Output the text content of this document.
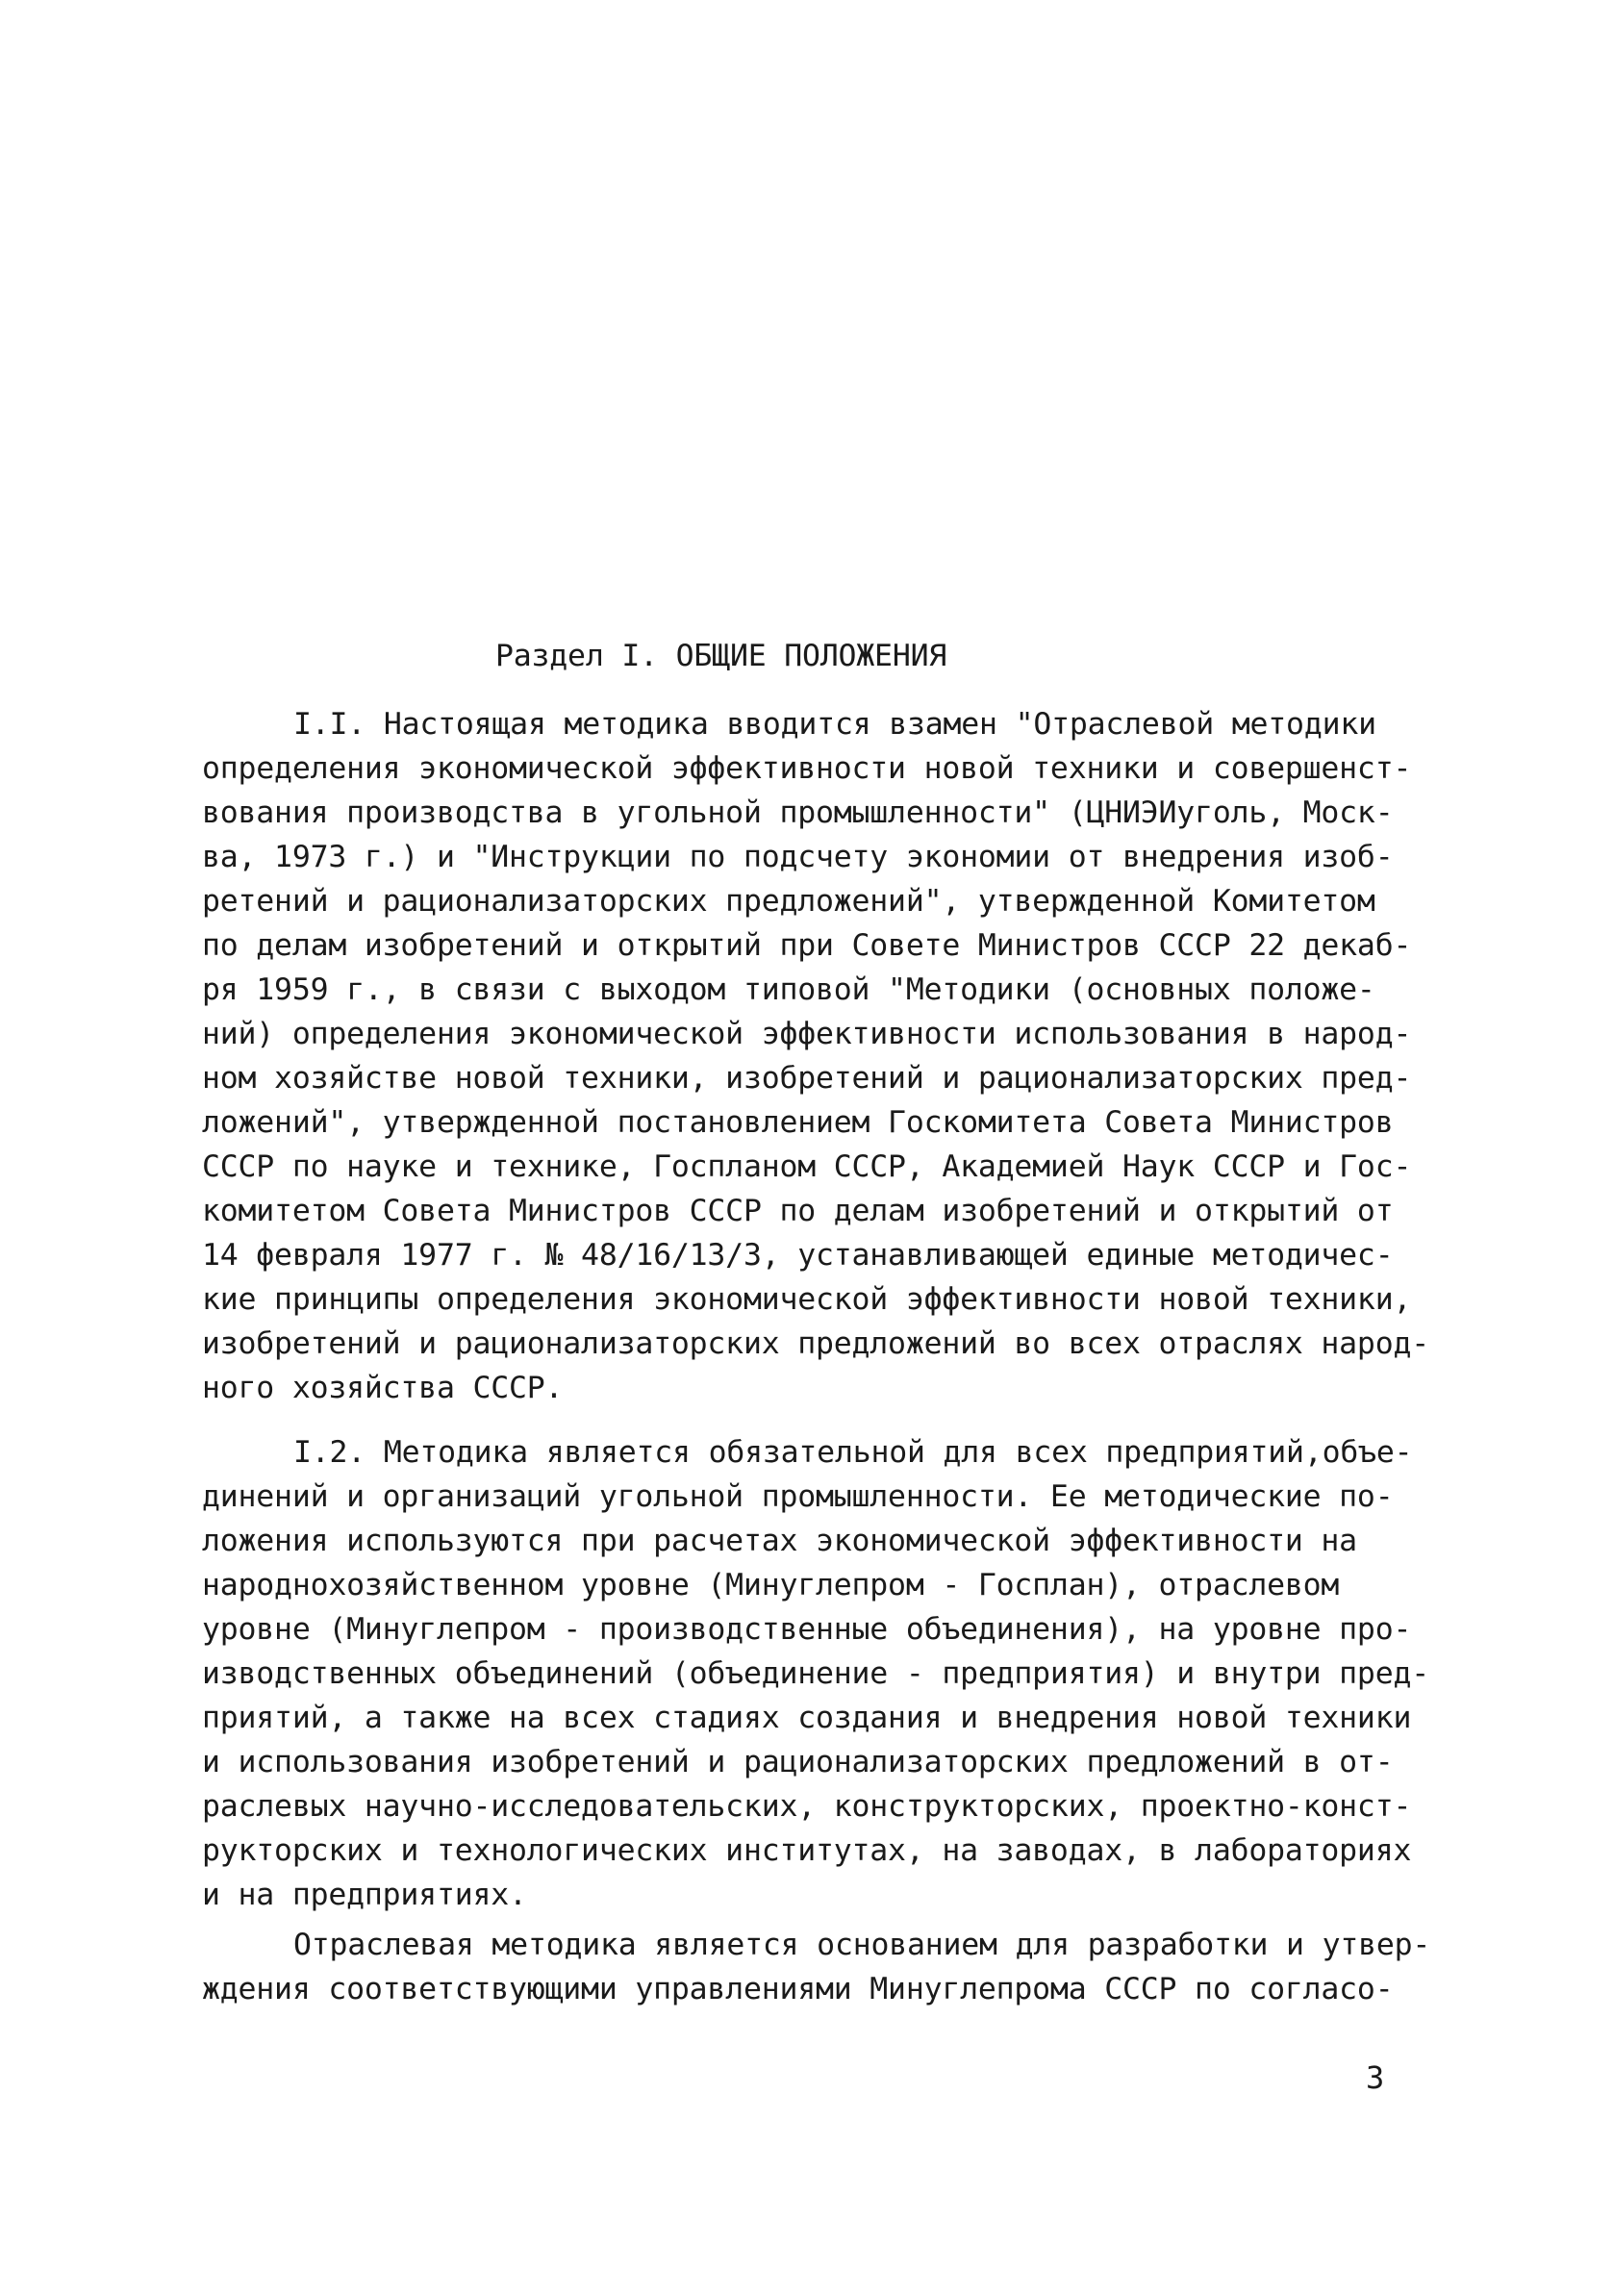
Раздел I. ОБЩИЕ ПОЛОЖЕНИЯ

I.I. Настоящая методика вводится взамен "Отраслевой методики

определения экономической эффективности новой техники и совершенст-

вования производства в угольной промышленности" (ЦНИЭИуголь, Моск-

ва, 1973 г.) и "Инструкции по подсчету экономии от внедрения изоб-

ретений и рационализаторских предложений", утвержденной Комитетом

по делам изобретений и открытий при Совете Министров СССР 22 декаб-

ря 1959 г., в связи с выходом типовой "Методики (основных положе-

ний) определения экономической эффективности использования в народ-

ном хозяйстве новой техники, изобретений и рационализаторских пред-

ложений", утвержденной постановлением Госкомитета Совета Министров

СССР по науке и технике, Госпланом СССР, Академией Наук СССР и Гос-

комитетом Совета Министров СССР по делам изобретений и открытий от

14 февраля 1977 г. № 48/16/13/3, устанавливающей единые методичес-

кие принципы определения экономической эффективности новой техники,

изобретений и рационализаторских предложений во всех отраслях народ-

ного хозяйства СССР.

I.2. Методика является обязательной для всех предприятий,объе-

динений и организаций угольной промышленности. Ее методические по-

ложения используются при расчетах экономической эффективности на

народнохозяйственном уровне (Минуглепром - Госплан), отраслевом

уровне (Минуглепром - производственные объединения), на уровне про-

изводственных объединений (объединение - предприятия) и внутри пред-

приятий, а также на всех стадиях создания и внедрения новой техники

и использования изобретений и рационализаторских предложений в от-

раслевых научно-исследовательских, конструкторских, проектно-конст-

рукторских и технологических институтах, на заводах, в лабораториях

и на предприятиях.

Отраслевая методика является основанием для разработки и утвер-

ждения соответствующими управлениями Минуглепрома СССР по согласо-

3
